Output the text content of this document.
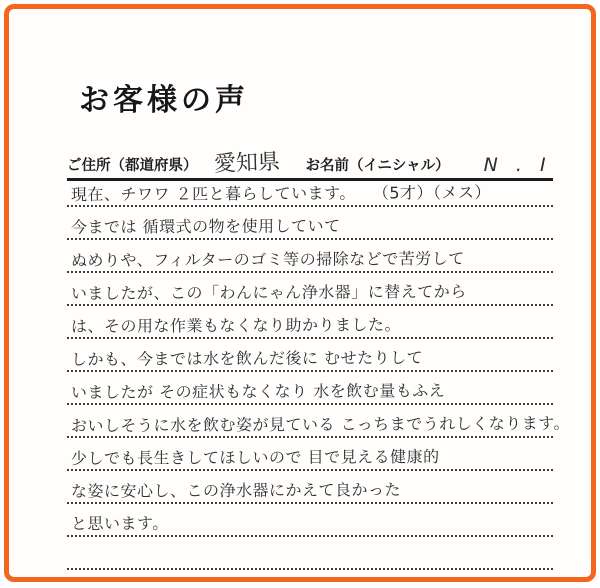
お客様の声
ご住所（都道府県） 愛知県 お名前（イニシャル） N . I
現在、チワワ ２匹と暮らしています。　　（5才）（メス）
今までは 循環式の物を使用していて
ぬめりや、フィルターのゴミ等の掃除などで苦労して
いましたが、この「わんにゃん浄水器」に替えてから
は、その用な作業もなくなり助かりました。
しかも、今までは水を飲んだ後に むせたりして
いましたが その症状もなくなり 水を飲む量もふえ
おいしそうに水を飲む姿が見ている こっちまでうれしくなります。
少しでも長生きしてほしいので 目で見える健康的
な姿に安心し、この浄水器にかえて良かった
と思います。
